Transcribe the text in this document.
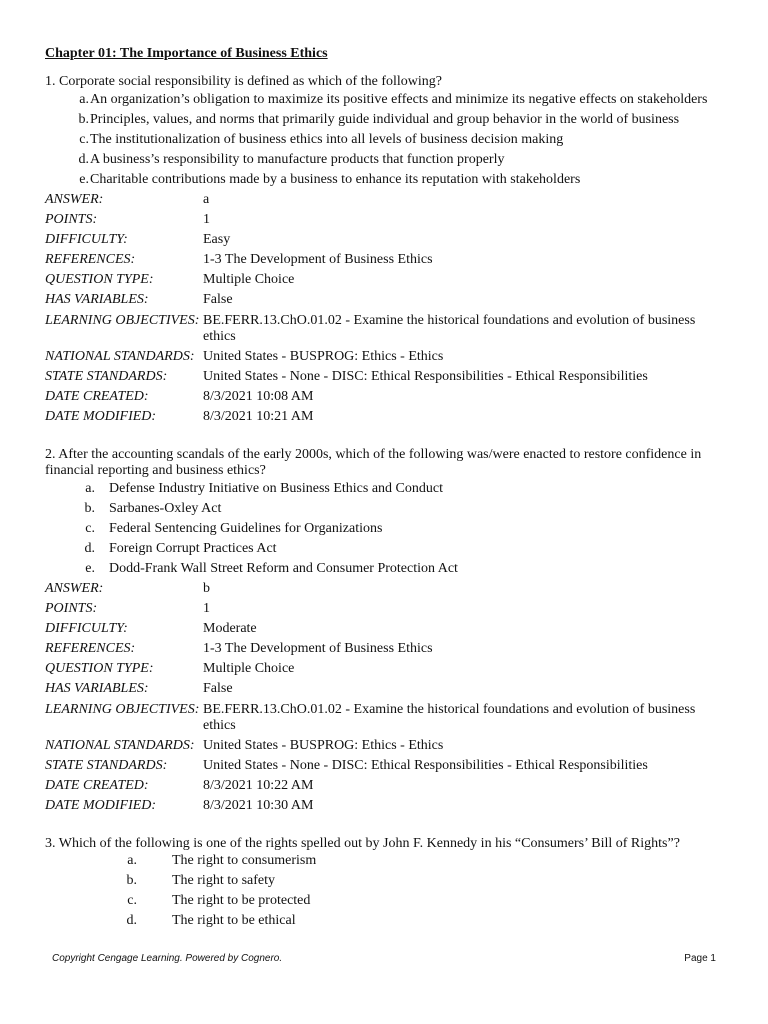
Chapter 01: The Importance of Business Ethics
1. Corporate social responsibility is defined as which of the following?
a. An organization’s obligation to maximize its positive effects and minimize its negative effects on stakeholders
b. Principles, values, and norms that primarily guide individual and group behavior in the world of business
c. The institutionalization of business ethics into all levels of business decision making
d. A business’s responsibility to manufacture products that function properly
e. Charitable contributions made by a business to enhance its reputation with stakeholders
ANSWER:	a
POINTS:	1
DIFFICULTY:	Easy
REFERENCES:	1-3 The Development of Business Ethics
QUESTION TYPE:	Multiple Choice
HAS VARIABLES:	False
LEARNING OBJECTIVES: BE.FERR.13.ChO.01.02 - Examine the historical foundations and evolution of business ethics
NATIONAL STANDARDS: United States - BUSPROG: Ethics - Ethics
STATE STANDARDS:	United States - None - DISC: Ethical Responsibilities - Ethical Responsibilities
DATE CREATED:	8/3/2021 10:08 AM
DATE MODIFIED:	8/3/2021 10:21 AM
2. After the accounting scandals of the early 2000s, which of the following was/were enacted to restore confidence in financial reporting and business ethics?
a.	Defense Industry Initiative on Business Ethics and Conduct
b.	Sarbanes-Oxley Act
c.	Federal Sentencing Guidelines for Organizations
d.	Foreign Corrupt Practices Act
e.	Dodd-Frank Wall Street Reform and Consumer Protection Act
ANSWER:	b
POINTS:	1
DIFFICULTY:	Moderate
REFERENCES:	1-3 The Development of Business Ethics
QUESTION TYPE:	Multiple Choice
HAS VARIABLES:	False
LEARNING OBJECTIVES: BE.FERR.13.ChO.01.02 - Examine the historical foundations and evolution of business ethics
NATIONAL STANDARDS: United States - BUSPROG: Ethics - Ethics
STATE STANDARDS:	United States - None - DISC: Ethical Responsibilities - Ethical Responsibilities
DATE CREATED:	8/3/2021 10:22 AM
DATE MODIFIED:	8/3/2021 10:30 AM
3. Which of the following is one of the rights spelled out by John F. Kennedy in his “Consumers’ Bill of Rights”?
a.	The right to consumerism
b.	The right to safety
c.	The right to be protected
d.	The right to be ethical
Copyright Cengage Learning. Powered by Cognero.	Page 1
